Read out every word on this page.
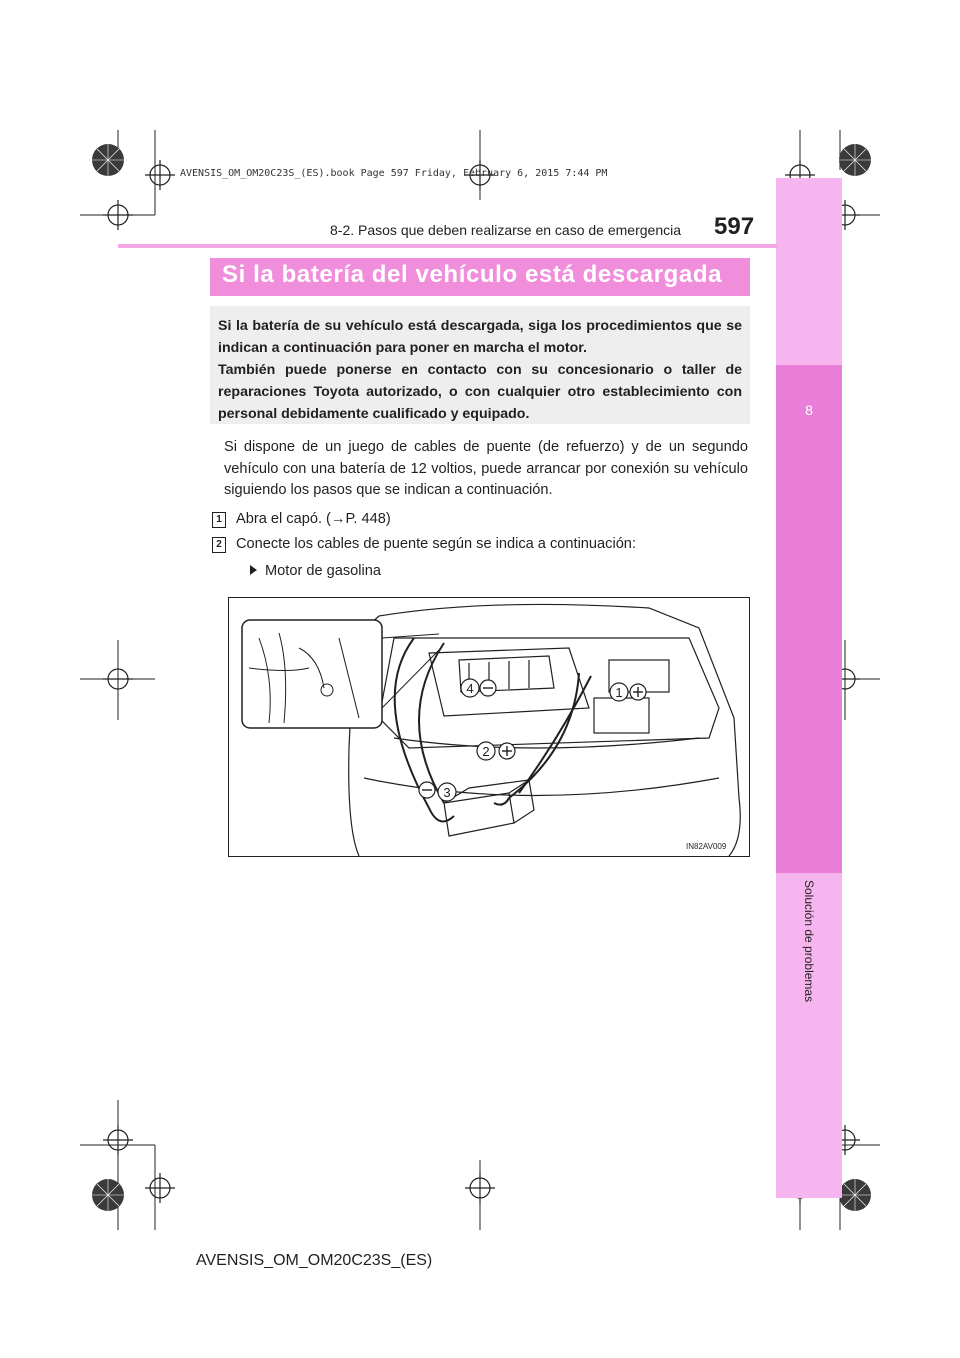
AVENSIS_OM_OM20C23S_(ES).book Page 597 Friday, February 6, 2015 7:44 PM
8
Solución de problemas
8-2. Pasos que deben realizarse en caso de emergencia 597
Si la batería del vehículo está descargada

Si la batería de su vehículo está descargada, siga los procedimientos que se indican a continuación para poner en marcha el motor.

También puede ponerse en contacto con su concesionario o taller de reparaciones Toyota autorizado, o con cualquier otro establecimiento con personal debidamente cualificado y equipado.

Si dispone de un juego de cables de puente (de refuerzo) y de un segundo vehículo con una batería de 12 voltios, puede arrancar por conexión su vehículo siguiendo los pasos que se indican a continuación.
1 Abra el capó. (→P. 448)
2 Conecte los cables de puente según se indica a continuación:
Motor de gasolina
4	1
2
3
IN82AV009
AVENSIS_OM_OM20C23S_(ES)
